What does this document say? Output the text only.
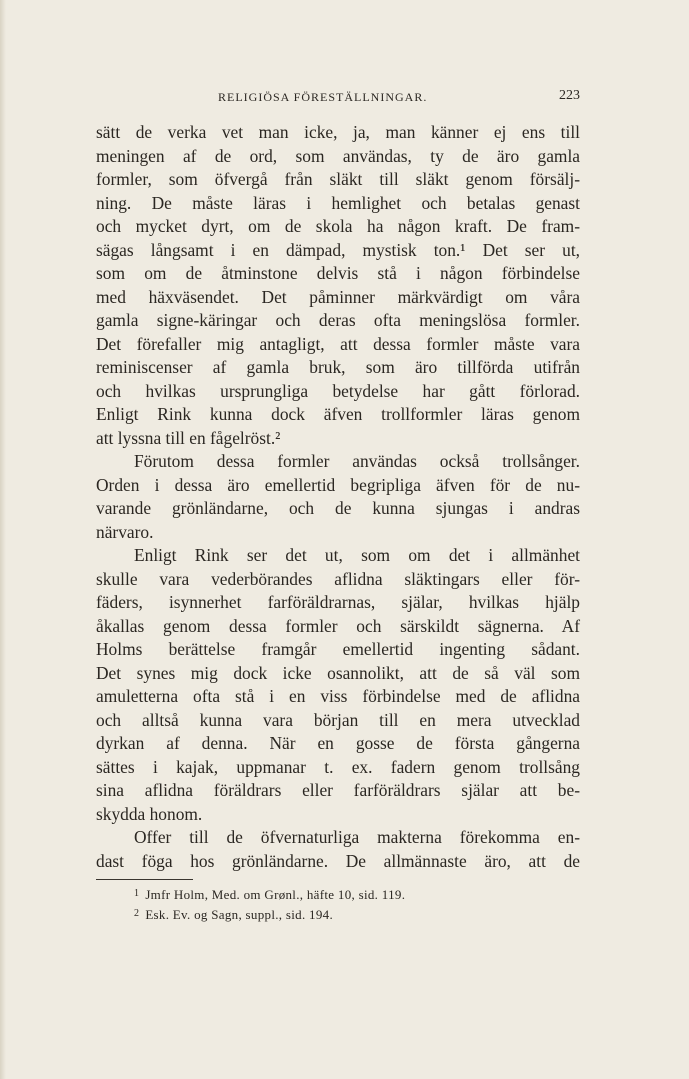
RELIGIÖSA FÖRESTÄLLNINGAR.	223
sätt de verka vet man icke, ja, man känner ej ens till
meningen af de ord, som användas, ty de äro gamla
formler, som öfvergå från släkt till släkt genom försälj-
ning. De måste läras i hemlighet och betalas genast
och mycket dyrt, om de skola ha någon kraft. De fram-
sägas långsamt i en dämpad, mystisk ton.¹ Det ser ut,
som om de åtminstone delvis stå i någon förbindelse
med häxväsendet. Det påminner märkvärdigt om våra
gamla signe-käringar och deras ofta meningslösa formler.
Det förefaller mig antagligt, att dessa formler måste vara
reminiscenser af gamla bruk, som äro tillförda utifrån
och hvilkas ursprungliga betydelse har gått förlorad.
Enligt Rink kunna dock äfven trollformler läras genom
att lyssna till en fågelröst.²
Förutom dessa formler användas också trollsånger.
Orden i dessa äro emellertid begripliga äfven för de nu-
varande grönländarne, och de kunna sjungas i andras
närvaro.
Enligt Rink ser det ut, som om det i allmänhet
skulle vara vederbörandes aflidna släktingars eller för-
fäders, isynnerhet farföräldrarnas, själar, hvilkas hjälp
åkallas genom dessa formler och särskildt sägnerna. Af
Holms berättelse framgår emellertid ingenting sådant.
Det synes mig dock icke osannolikt, att de så väl som
amuletterna ofta stå i en viss förbindelse med de aflidna
och alltså kunna vara början till en mera utvecklad
dyrkan af denna. När en gosse de första gångerna
sättes i kajak, uppmanar t. ex. fadern genom trollsång
sina aflidna föräldrars eller farföräldrars själar att be-
skydda honom.
Offer till de öfvernaturliga makterna förekomma en-
dast föga hos grönländarne. De allmännaste äro, att de
$^1$ Jmfr Holm, Med. om Grønl., häfte 10, sid. 119.
$^2$ Esk. Ev. og Sagn, suppl., sid. 194.
